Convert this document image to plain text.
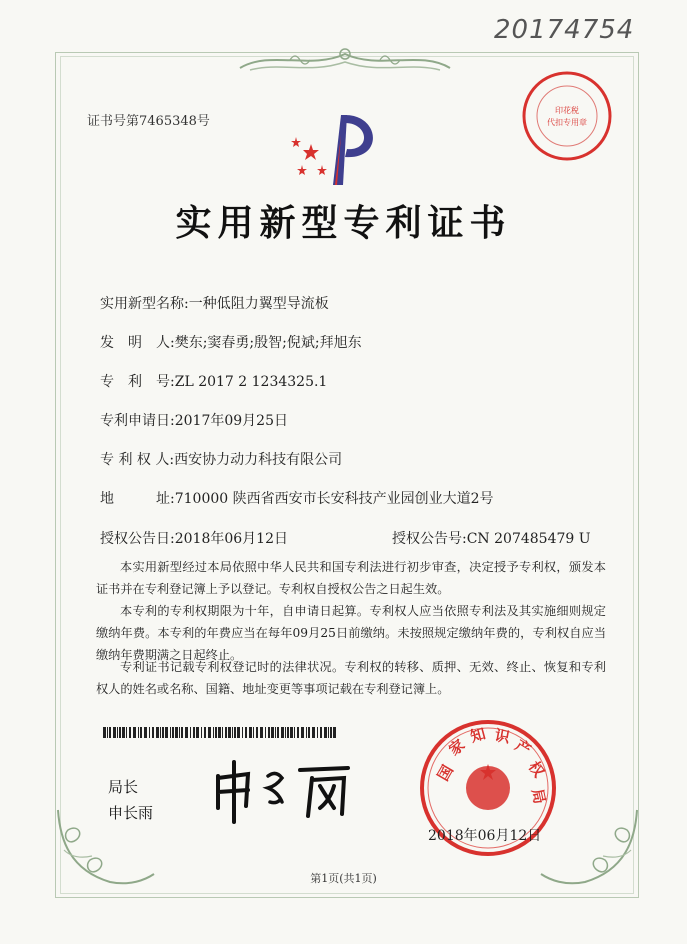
20174754
印花税
代扣专用章
证书号第7465348号
实用新型专利证书
实用新型名称:一种低阻力翼型导流板
发　明　人:樊东;窦春勇;殷智;倪斌;拜旭东
专　利　号:ZL 2017 2 1234325.1
专利申请日:2017年09月25日
专 利 权 人:西安协力动力科技有限公司
地　　　址:710000 陕西省西安市长安科技产业园创业大道2号
授权公告日:2018年06月12日	授权公告号:CN 207485479 U
本实用新型经过本局依照中华人民共和国专利法进行初步审查，决定授予专利权，颁发本证书并在专利登记簿上予以登记。专利权自授权公告之日起生效。
本专利的专利权期限为十年，自申请日起算。专利权人应当依照专利法及其实施细则规定缴纳年费。本专利的年费应当在每年09月25日前缴纳。未按照规定缴纳年费的，专利权自应当缴纳年费期满之日起终止。
专利证书记载专利权登记时的法律状况。专利权的转移、质押、无效、终止、恢复和专利权人的姓名或名称、国籍、地址变更等事项记载在专利登记簿上。
局长
申长雨
国
家
知 识 产
权
局
2018年06月12日
第1页(共1页)
